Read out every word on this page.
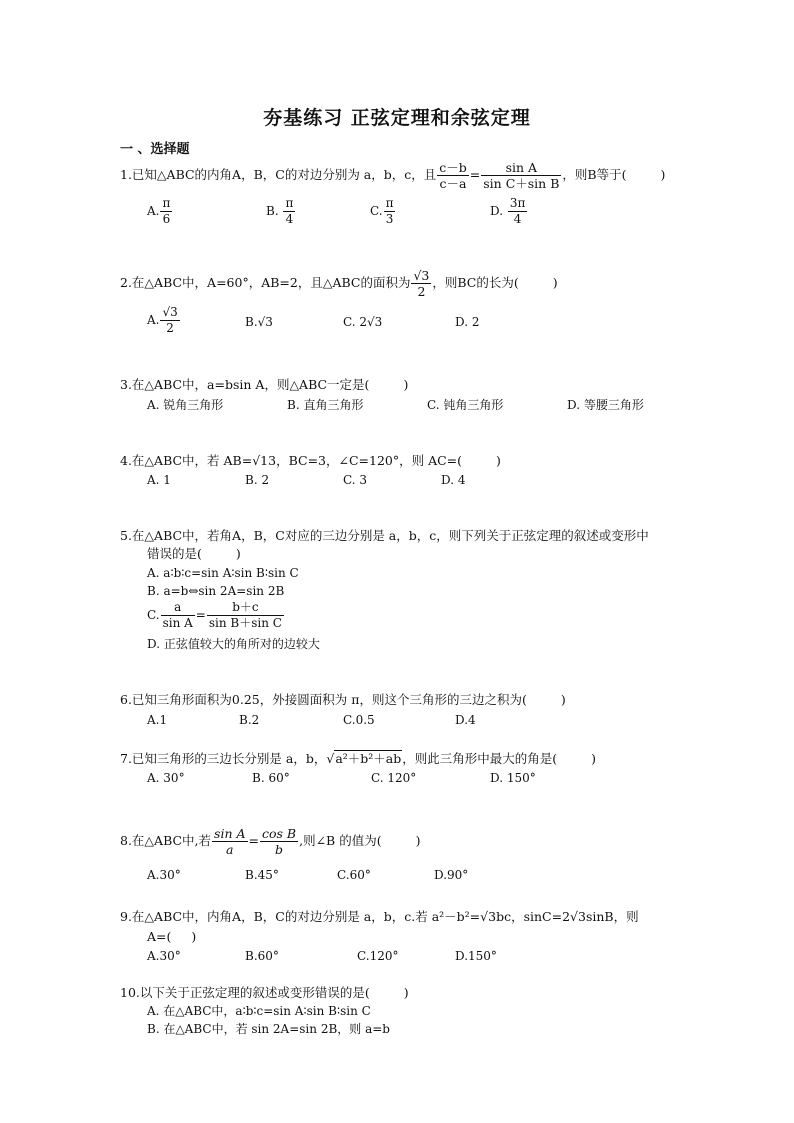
夯基练习 正弦定理和余弦定理
一 、选择题
1.已知△ABC的内角A，B，C的对边分别为 a，b，c，且 $\frac{c-b}{c-a} = \frac{\text{sin A}}{\text{sin C＋sin B}}$ ，则B等于(	)
A. $\frac{\pi}{6}$	B. $\frac{\pi}{4}$	C. $\frac{\pi}{3}$	D. $\frac{3\pi}{4}$
2.在△ABC中，A=60°，AB=2，且△ABC的面积为 $\frac{√3}{2}$ ，则BC的长为(	)
A. $\frac{√3}{2}$	B.√3	C. 2√3	D. 2
3.在△ABC中，a=bsin A，则△ABC一定是(	)
A. 锐角三角形	B. 直角三角形	C. 钝角三角形	D. 等腰三角形
4.在△ABC中，若 AB=√13，BC=3，∠C=120°，则 AC=(	)
A. 1	B. 2	C. 3	D. 4
5.在△ABC中，若角A，B，C对应的三边分别是 a，b，c，则下列关于正弦定理的叙述或变形中
错误的是(	)
A. a∶b∶c=sin A∶sin B∶sin C
B. a=b⇔sin 2A=sin 2B
C. $\frac{a}{\text{sin A}} = \frac{b+c}{\text{sin B＋sin C}}$
D. 正弦值较大的角所对的边较大
6.已知三角形面积为0.25，外接圆面积为 π，则这个三角形的三边之积为(	)
A.1	B.2	C.0.5	D.4
7.已知三角形的三边长分别是 a，b，√a²＋b²＋ab，则此三角形中最大的角是(	)
A. 30°	B. 60°	C. 120°	D. 150°
8.在△ABC中,若 $\frac{\text{sin A}}{a} = \frac{\text{cos B}}{b}$ ,则∠B 的值为(	)
A.30°	B.45°	C.60°	D.90°
9.在△ABC中，内角A，B，C的对边分别是 a，b，c.若 a²－b²=√3bc，sinC=2√3sinB，则
A=( )
A.30°	B.60°	C.120°	D.150°
10.以下关于正弦定理的叙述或变形错误的是(	)
A. 在△ABC中，a∶b∶c=sin A∶sin B∶sin C
B. 在△ABC中，若 sin 2A=sin 2B，则 a=b
